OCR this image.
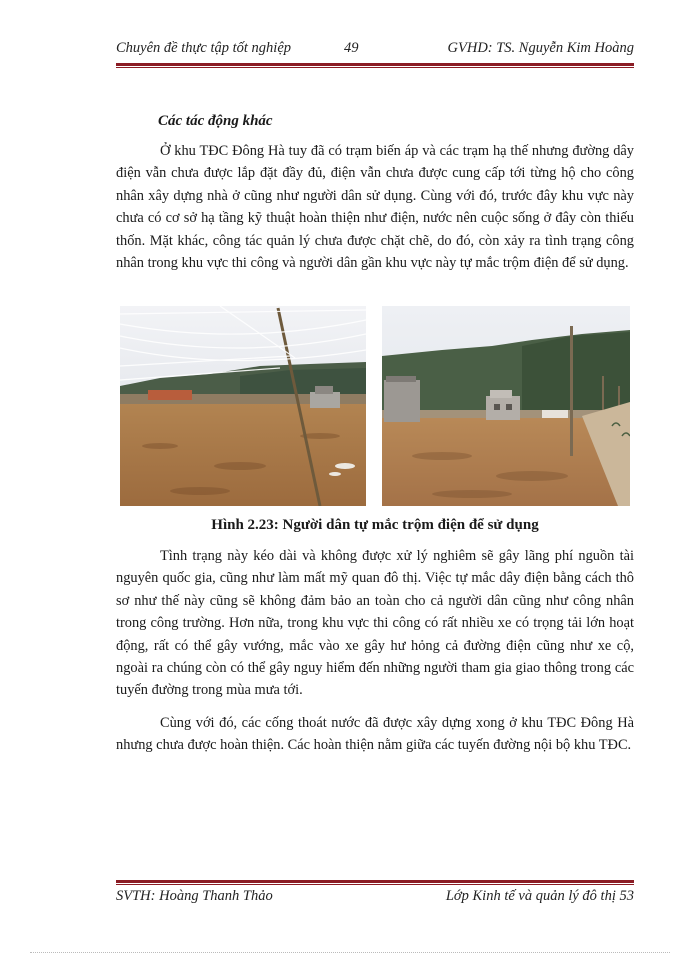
Chuyên đề thực tập tốt nghiệp	49	GVHD: TS. Nguyễn Kim Hoàng
Các tác động khác

Ở khu TĐC Đông Hà tuy đã có trạm biến áp và các trạm hạ thế nhưng đường dây điện vẫn chưa được lắp đặt đầy đủ, điện vẫn chưa được cung cấp tới từng hộ cho công nhân xây dựng nhà ở cũng như người dân sử dụng. Cùng với đó, trước đây khu vực này chưa có cơ sở hạ tầng kỹ thuật hoàn thiện như điện, nước nên cuộc sống ở đây còn thiếu thốn. Mặt khác, công tác quản lý chưa được chặt chẽ, do đó, còn xảy ra tình trạng công nhân trong khu vực thi công và người dân gần khu vực này tự mắc trộm điện để sử dụng.

Hình 2.23: Người dân tự mắc trộm điện để sử dụng

Tình trạng này kéo dài và không được xử lý nghiêm sẽ gây lãng phí nguồn tài nguyên quốc gia, cũng như làm mất mỹ quan đô thị. Việc tự mắc dây điện bằng cách thô sơ như thế này cũng sẽ không đảm bảo an toàn cho cả người dân cũng như công nhân trong công trường. Hơn nữa, trong khu vực thi công có rất nhiều xe có trọng tải lớn hoạt động, rất có thể gây vướng, mắc vào xe gây hư hỏng cả đường điện cũng như xe cộ, ngoài ra chúng còn có thể gây nguy hiểm đến những người tham gia giao thông trong các tuyến đường trong mùa mưa tới.

Cùng với đó, các cống thoát nước đã được xây dựng xong ở khu TĐC Đông Hà nhưng chưa được hoàn thiện. Các hoàn thiện nằm giữa các tuyến đường nội bộ khu TĐC.

SVTH: Hoàng Thanh Thảo	Lớp Kinh tế và quản lý đô thị 53
